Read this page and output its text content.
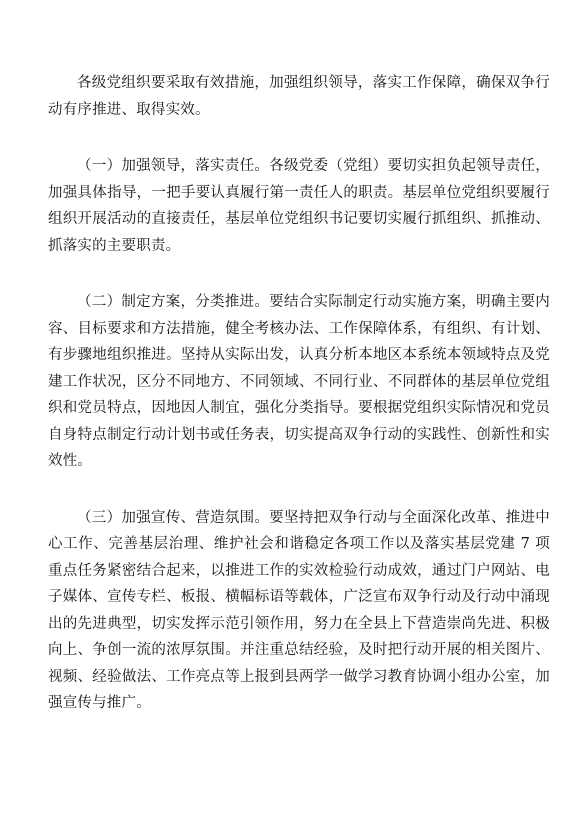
各级党组织要采取有效措施，加强组织领导，落实工作保障，确保双争行动有序推进、取得实效。

（一）加强领导，落实责任。各级党委（党组）要切实担负起领导责任，加强具体指导，一把手要认真履行第一责任人的职责。基层单位党组织要履行组织开展活动的直接责任，基层单位党组织书记要切实履行抓组织、抓推动、抓落实的主要职责。

（二）制定方案，分类推进。要结合实际制定行动实施方案，明确主要内容、目标要求和方法措施，健全考核办法、工作保障体系，有组织、有计划、有步骤地组织推进。坚持从实际出发，认真分析本地区本系统本领域特点及党建工作状况，区分不同地方、不同领域、不同行业、不同群体的基层单位党组织和党员特点，因地因人制宜，强化分类指导。要根据党组织实际情况和党员自身特点制定行动计划书或任务表，切实提高双争行动的实践性、创新性和实效性。

（三）加强宣传、营造氛围。要坚持把双争行动与全面深化改革、推进中心工作、完善基层治理、维护社会和谐稳定各项工作以及落实基层党建 7 项重点任务紧密结合起来，以推进工作的实效检验行动成效，通过门户网站、电子媒体、宣传专栏、板报、横幅标语等载体，广泛宣布双争行动及行动中涌现出的先进典型，切实发挥示范引领作用，努力在全县上下营造崇尚先进、积极向上、争创一流的浓厚氛围。并注重总结经验，及时把行动开展的相关图片、视频、经验做法、工作亮点等上报到县两学一做学习教育协调小组办公室，加强宣传与推广。
